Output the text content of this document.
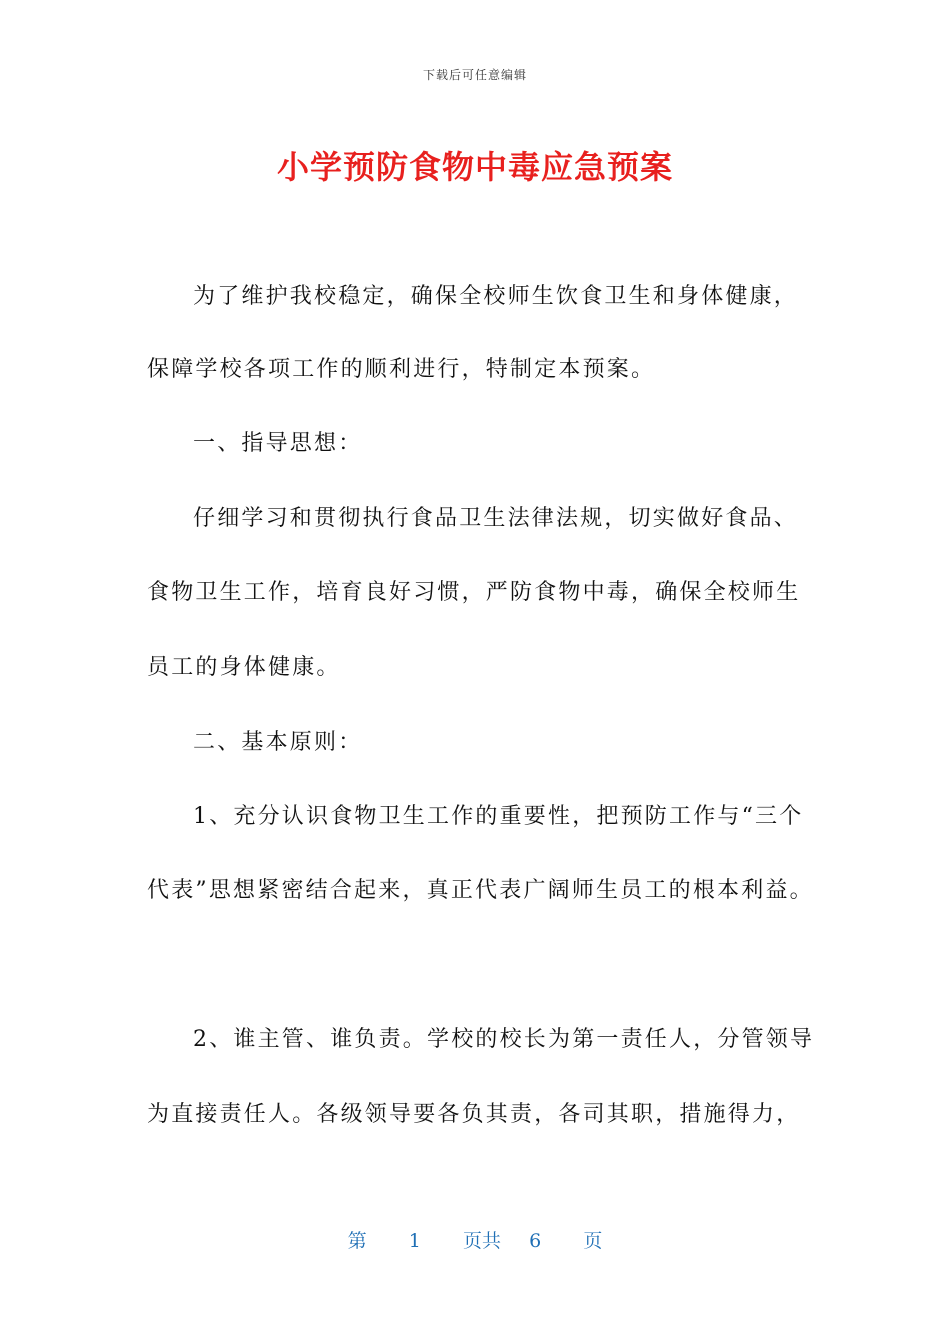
下载后可任意编辑
小学预防食物中毒应急预案
为了维护我校稳定，确保全校师生饮食卫生和身体健康，
保障学校各项工作的顺利进行，特制定本预案。
一、指导思想：
仔细学习和贯彻执行食品卫生法律法规，切实做好食品、
食物卫生工作，培育良好习惯，严防食物中毒，确保全校师生
员工的身体健康。
二、基本原则：
1、充分认识食物卫生工作的重要性，把预防工作与“三个
代表”思想紧密结合起来，真正代表广阔师生员工的根本利益。
2、谁主管、谁负责。学校的校长为第一责任人，分管领导
为直接责任人。各级领导要各负其责，各司其职，措施得力，
第 1 页共 6 页
